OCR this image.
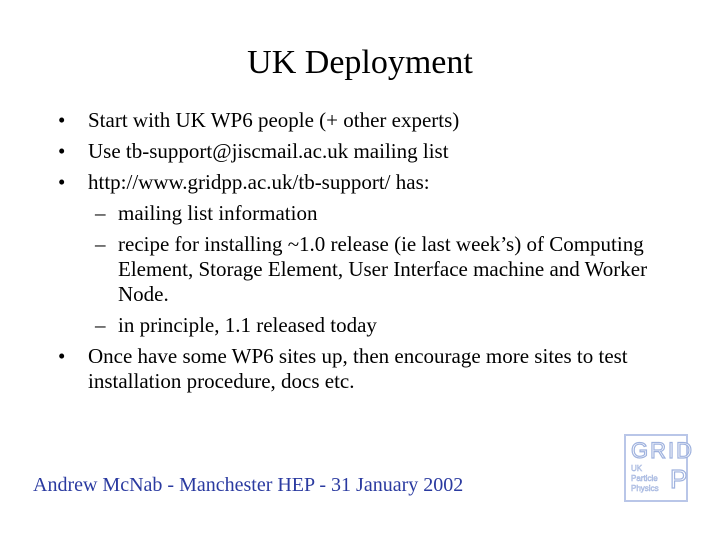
UK Deployment
• Start with UK WP6 people (+ other experts)
• Use tb-support@jiscmail.ac.uk mailing list
• http://www.gridpp.ac.uk/tb-support/ has:
– mailing list information
– recipe for installing ~1.0 release (ie last week’s) of Computing Element, Storage Element, User Interface machine and Worker Node.
– in principle, 1.1 released today
• Once have some WP6 sites up, then encourage more sites to test installation procedure, docs etc.
Andrew McNab - Manchester HEP - 31 January 2002
GRID
UK
Particle
Physics P
